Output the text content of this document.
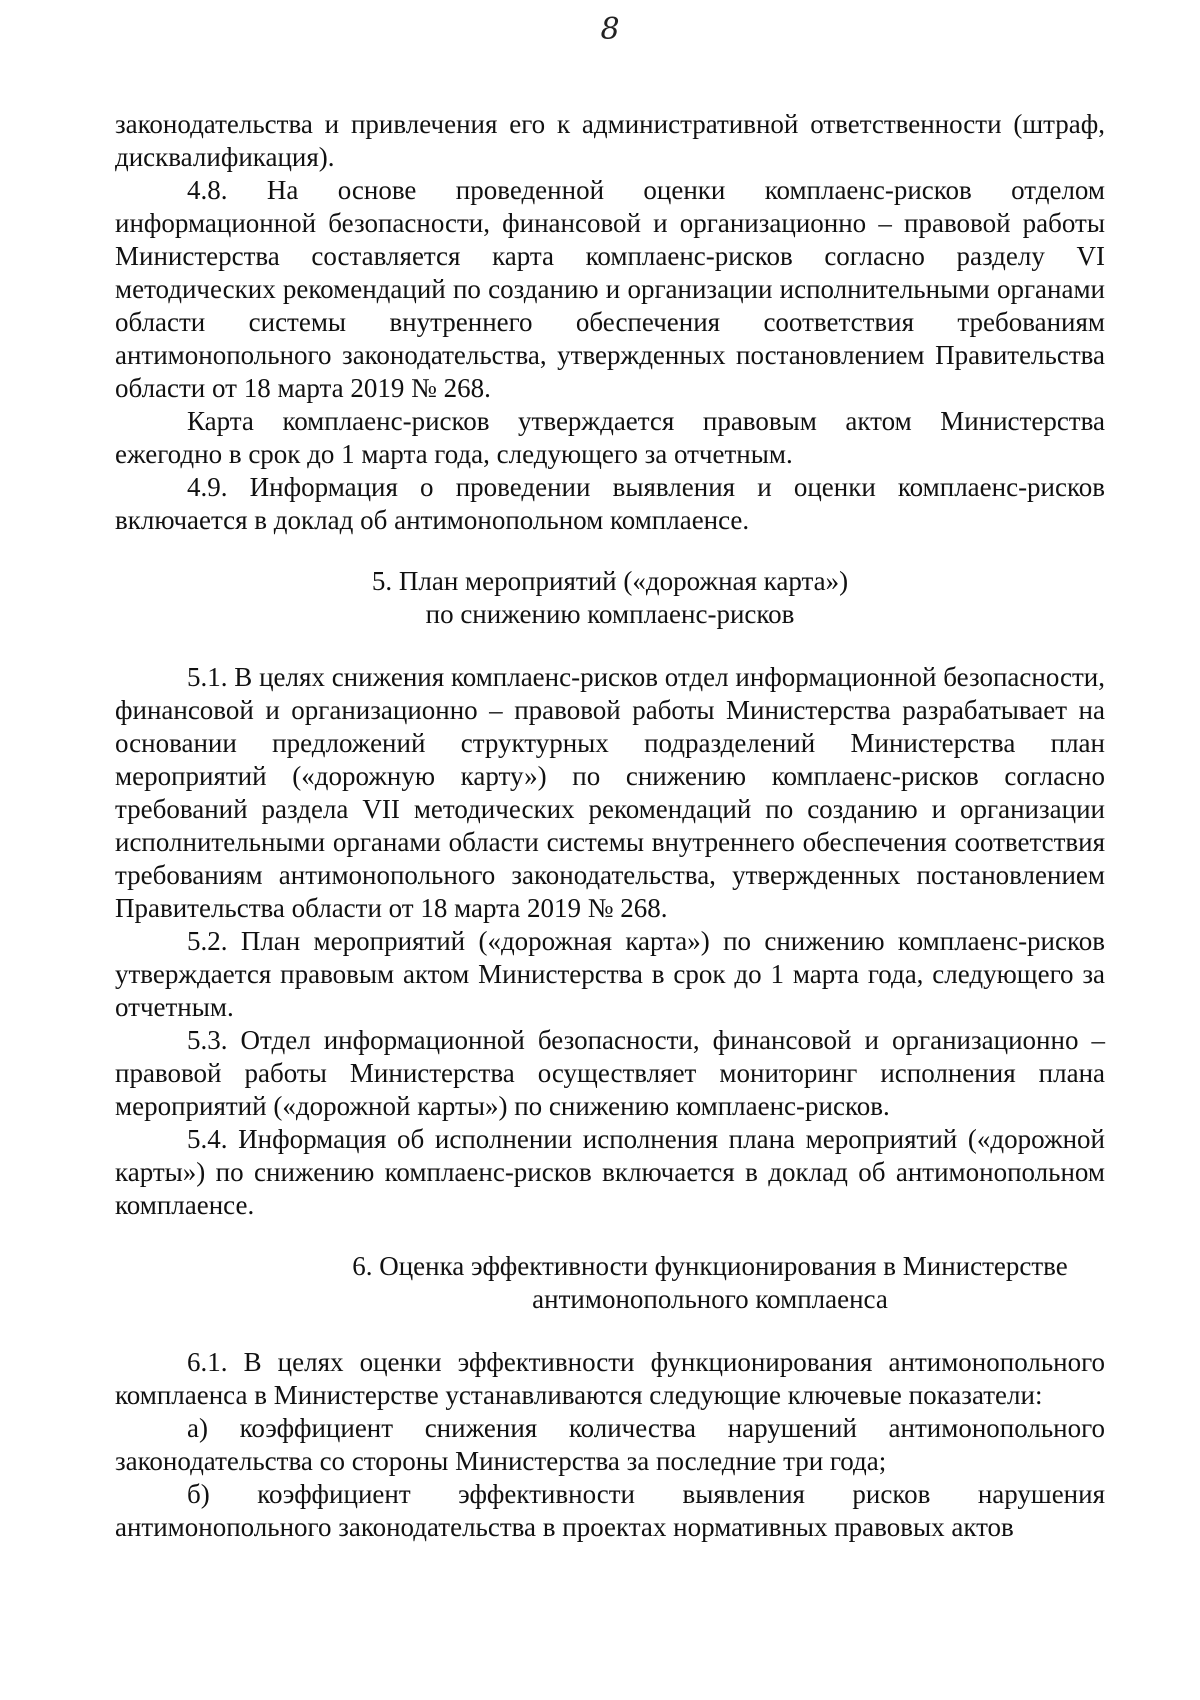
8

законодательства и привлечения его к административной ответственности (штраф, дисквалификация).

4.8. На основе проведенной оценки комплаенс-рисков отделом информационной безопасности, финансовой и организационно – правовой работы Министерства составляется карта комплаенс-рисков согласно разделу VI методических рекомендаций по созданию и организации исполнительными органами области системы внутреннего обеспечения соответствия требованиям антимонопольного законодательства, утвержденных постановлением Правительства области от 18 марта 2019 № 268.

Карта комплаенс-рисков утверждается правовым актом Министерства ежегодно в срок до 1 марта года, следующего за отчетным.

4.9. Информация о проведении выявления и оценки комплаенс-рисков включается в доклад об антимонопольном комплаенсе.

5. План мероприятий («дорожная карта»)
по снижению комплаенс-рисков

5.1. В целях снижения комплаенс-рисков отдел информационной безопасности, финансовой и организационно – правовой работы Министерства разрабатывает на основании предложений структурных подразделений Министерства план мероприятий («дорожную карту») по снижению комплаенс-рисков согласно требований раздела VII методических рекомендаций по созданию и организации исполнительными органами области системы внутреннего обеспечения соответствия требованиям антимонопольного законодательства, утвержденных постановлением Правительства области от 18 марта 2019 № 268.

5.2. План мероприятий («дорожная карта») по снижению комплаенс-рисков утверждается правовым актом Министерства в срок до 1 марта года, следующего за отчетным.

5.3. Отдел информационной безопасности, финансовой и организационно – правовой работы Министерства осуществляет мониторинг исполнения плана мероприятий («дорожной карты») по снижению комплаенс-рисков.

5.4. Информация об исполнении исполнения плана мероприятий («дорожной карты») по снижению комплаенс-рисков включается в доклад об антимонопольном комплаенсе.

6. Оценка эффективности функционирования в Министерстве
антимонопольного комплаенса

6.1. В целях оценки эффективности функционирования антимонопольного комплаенса в Министерстве устанавливаются следующие ключевые показатели:

а) коэффициент снижения количества нарушений антимонопольного законодательства со стороны Министерства за последние три года;

б) коэффициент эффективности выявления рисков нарушения антимонопольного законодательства в проектах нормативных правовых актов
